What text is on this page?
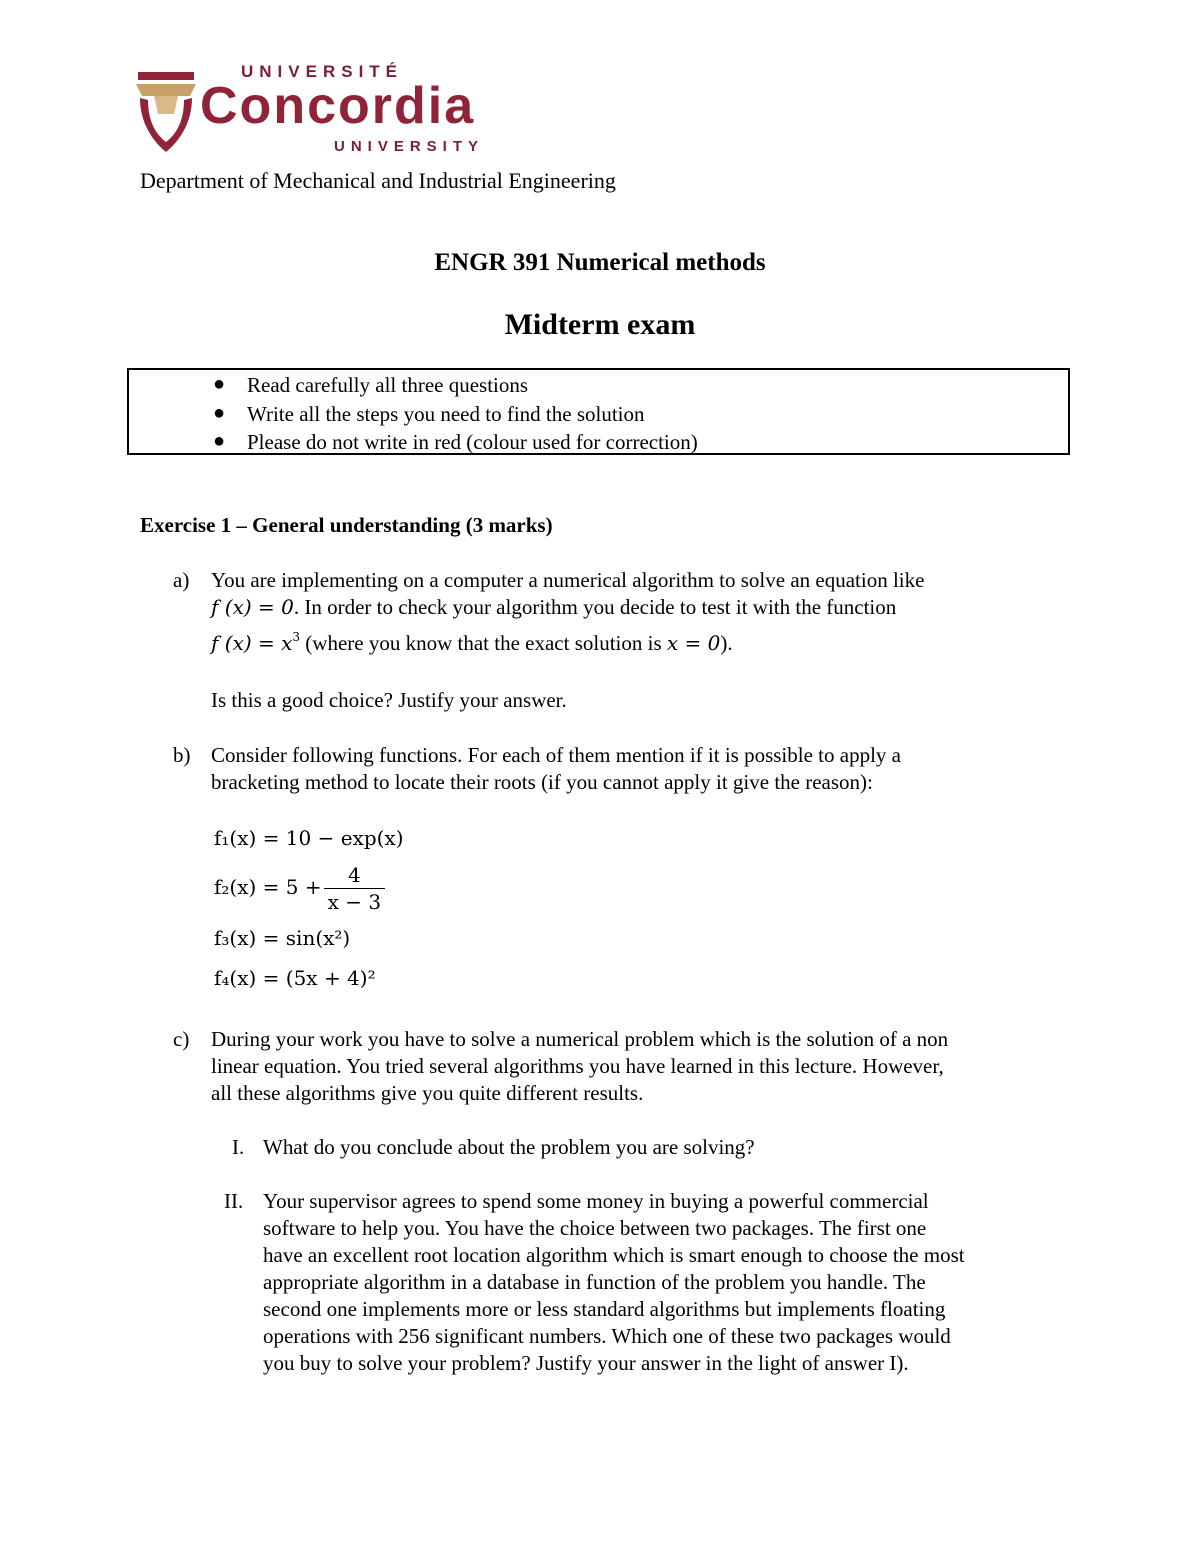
UNIVERSITÉ
Concordia
UNIVERSITY
Department of Mechanical and Industrial Engineering
ENGR 391 Numerical methods
Midterm exam
● Read carefully all three questions
● Write all the steps you need to find the solution
● Please do not write in red (colour used for correction)
Exercise 1 – General understanding (3 marks)
a) You are implementing on a computer a numerical algorithm to solve an equation like
f (x) = 0. In order to check your algorithm you decide to test it with the function
f $(x) = x^3$ (where you know that the exact solution is x = 0).
Is this a good choice? Justify your answer.
b) Consider following functions. For each of them mention if it is possible to apply a
bracketing method to locate their roots (if you cannot apply it give the reason):
f₁(x) = 10 − exp(x)
$f_2(x) = 5 + \frac{4}{x - 3}$
f₃(x) = sin(x²)
f₄(x) = (5x + 4)²
c) During your work you have to solve a numerical problem which is the solution of a non
linear equation. You tried several algorithms you have learned in this lecture. However,
all these algorithms give you quite different results.
I. What do you conclude about the problem you are solving?
II. Your supervisor agrees to spend some money in buying a powerful commercial
software to help you. You have the choice between two packages. The first one
have an excellent root location algorithm which is smart enough to choose the most
appropriate algorithm in a database in function of the problem you handle. The
second one implements more or less standard algorithms but implements floating
operations with 256 significant numbers. Which one of these two packages would
you buy to solve your problem? Justify your answer in the light of answer I).
